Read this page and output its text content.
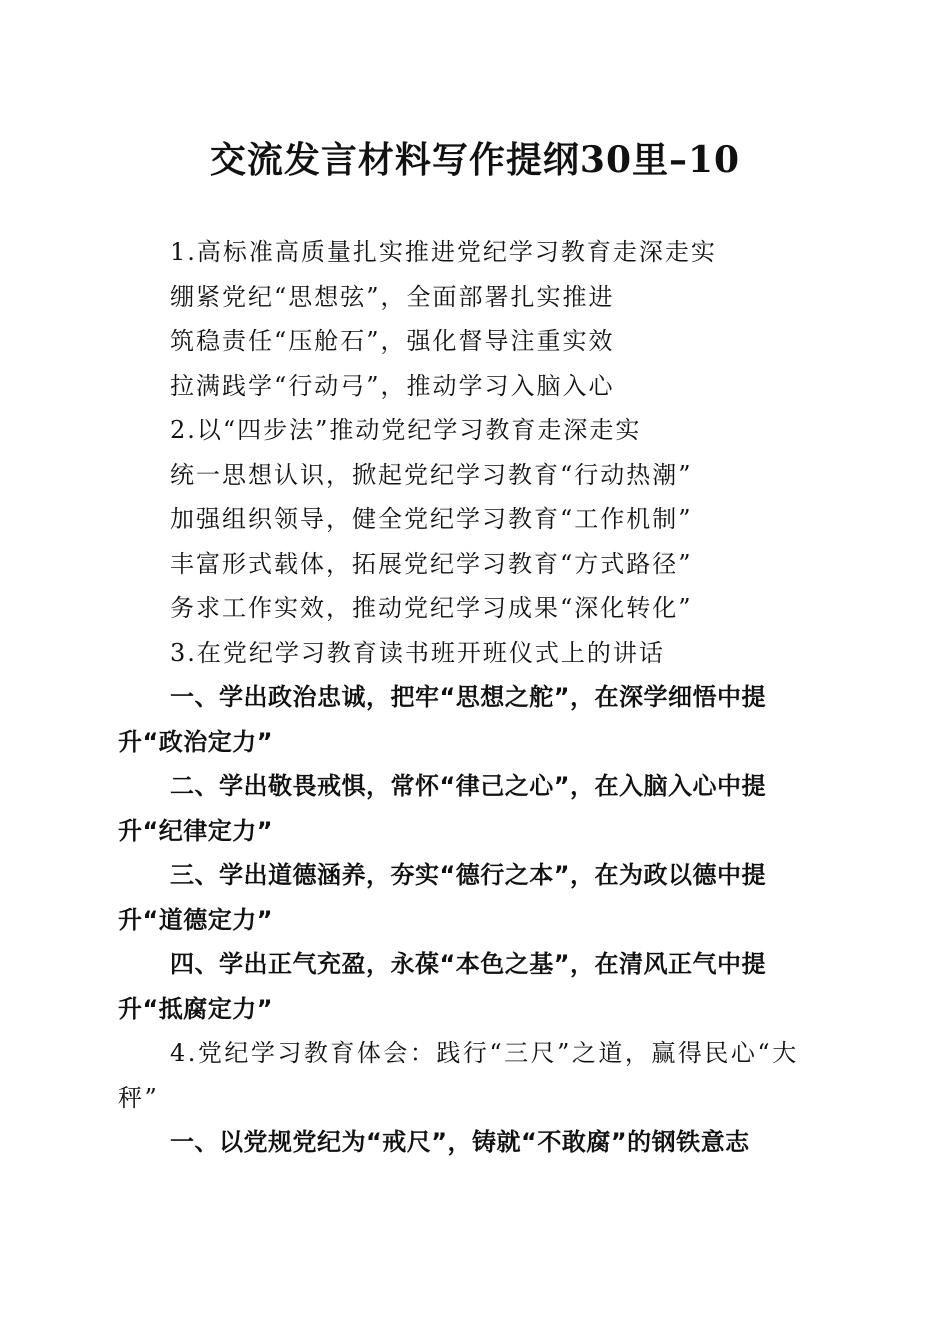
交流发言材料写作提纲30里–10
1.高标准高质量扎实推进党纪学习教育走深走实
绷紧党纪“思想弦”，全面部署扎实推进
筑稳责任“压舱石”，强化督导注重实效
拉满践学“行动弓”，推动学习入脑入心
2.以“四步法”推动党纪学习教育走深走实
统一思想认识，掀起党纪学习教育“行动热潮”
加强组织领导，健全党纪学习教育“工作机制”
丰富形式载体，拓展党纪学习教育“方式路径”
务求工作实效，推动党纪学习成果“深化转化”
3.在党纪学习教育读书班开班仪式上的讲话
一、学出政治忠诚，把牢“思想之舵”，在深学细悟中提升“政治定力”
二、学出敬畏戒惧，常怀“律己之心”，在入脑入心中提升“纪律定力”
三、学出道德涵养，夯实“德行之本”，在为政以德中提升“道德定力”
四、学出正气充盈，永葆“本色之基”，在清风正气中提升“抵腐定力”
4.党纪学习教育体会：践行“三尺”之道，赢得民心“大秤”
一、以党规党纪为“戒尺”，铸就“不敢腐”的钢铁意志
